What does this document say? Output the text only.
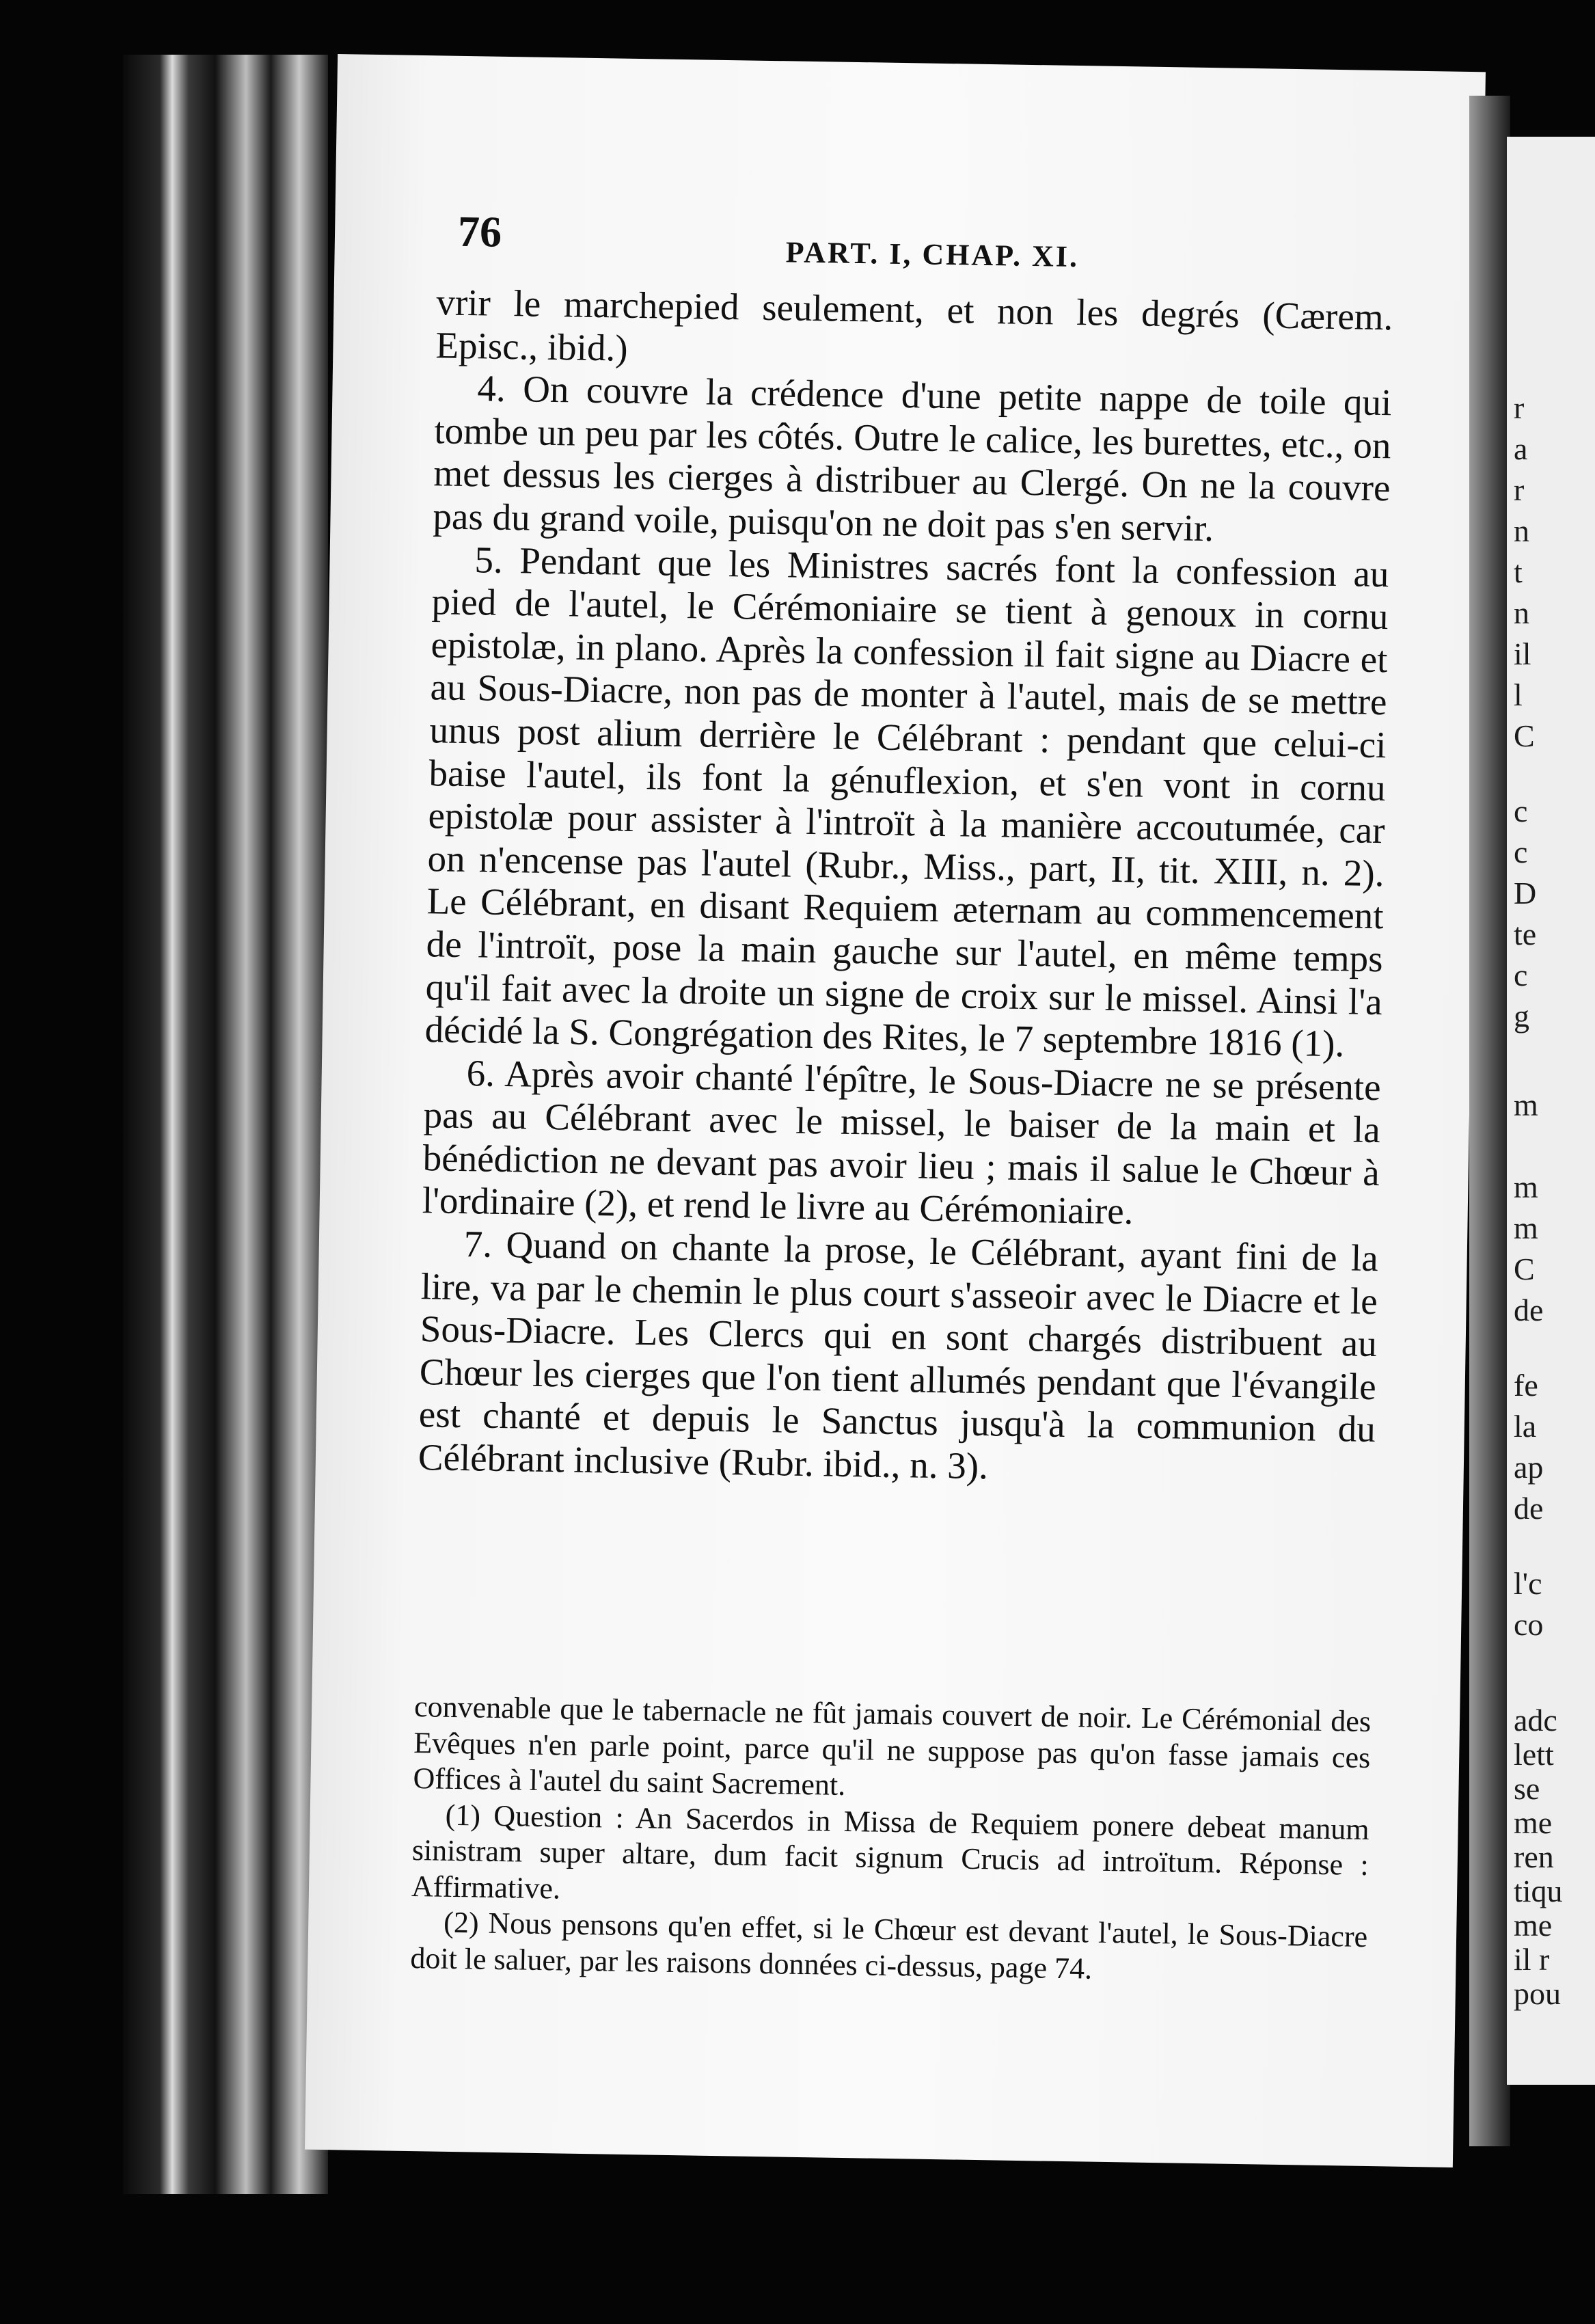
76	PART. I, CHAP. XI.

vrir le marchepied seulement, et non les degrés (Cærem. Episc., ibid.)

4. On couvre la crédence d'une petite nappe de toile qui tombe un peu par les côtés. Outre le calice, les burettes, etc., on met dessus les cierges à distribuer au Clergé. On ne la couvre pas du grand voile, puisqu'on ne doit pas s'en servir.

5. Pendant que les Ministres sacrés font la confession au pied de l'autel, le Cérémoniaire se tient à genoux in cornu epistolæ, in plano. Après la confession il fait signe au Diacre et au Sous-Diacre, non pas de monter à l'autel, mais de se mettre unus post alium derrière le Célébrant : pendant que celui-ci baise l'autel, ils font la génuflexion, et s'en vont in cornu epistolæ pour assister à l'introït à la manière accoutumée, car on n'encense pas l'autel (Rubr., Miss., part, II, tit. XIII, n. 2). Le Célébrant, en disant Requiem æternam au commencement de l'introït, pose la main gauche sur l'autel, en même temps qu'il fait avec la droite un signe de croix sur le missel. Ainsi l'a décidé la S. Congrégation des Rites, le 7 septembre 1816 (1).

6. Après avoir chanté l'épître, le Sous-Diacre ne se présente pas au Célébrant avec le missel, le baiser de la main et la bénédiction ne devant pas avoir lieu ; mais il salue le Chœur à l'ordinaire (2), et rend le livre au Cérémoniaire.

7. Quand on chante la prose, le Célébrant, ayant fini de la lire, va par le chemin le plus court s'asseoir avec le Diacre et le Sous-Diacre. Les Clercs qui en sont chargés distribuent au Chœur les cierges que l'on tient allumés pendant que l'évangile est chanté et depuis le Sanctus jusqu'à la communion du Célébrant inclusive (Rubr. ibid., n. 3).

convenable que le tabernacle ne fût jamais couvert de noir. Le Cérémonial des Evêques n'en parle point, parce qu'il ne suppose pas qu'on fasse jamais ces Offices à l'autel du saint Sacrement.

(1) Question : An Sacerdos in Missa de Requiem ponere debeat manum sinistram super altare, dum facit signum Crucis ad introïtum. Réponse : Affirmative.

(2) Nous pensons qu'en effet, si le Chœur est devant l'autel, le Sous-Diacre doit le saluer, par les raisons données ci-dessus, page 74.

r
a
r
n
t
n
il
l
C
c
c
D
te
c
g
m
m
m
C
de
fe
la
ap
de
l'c
co
adc
lett
se
me
ren
tiqu
me
il r
pou
